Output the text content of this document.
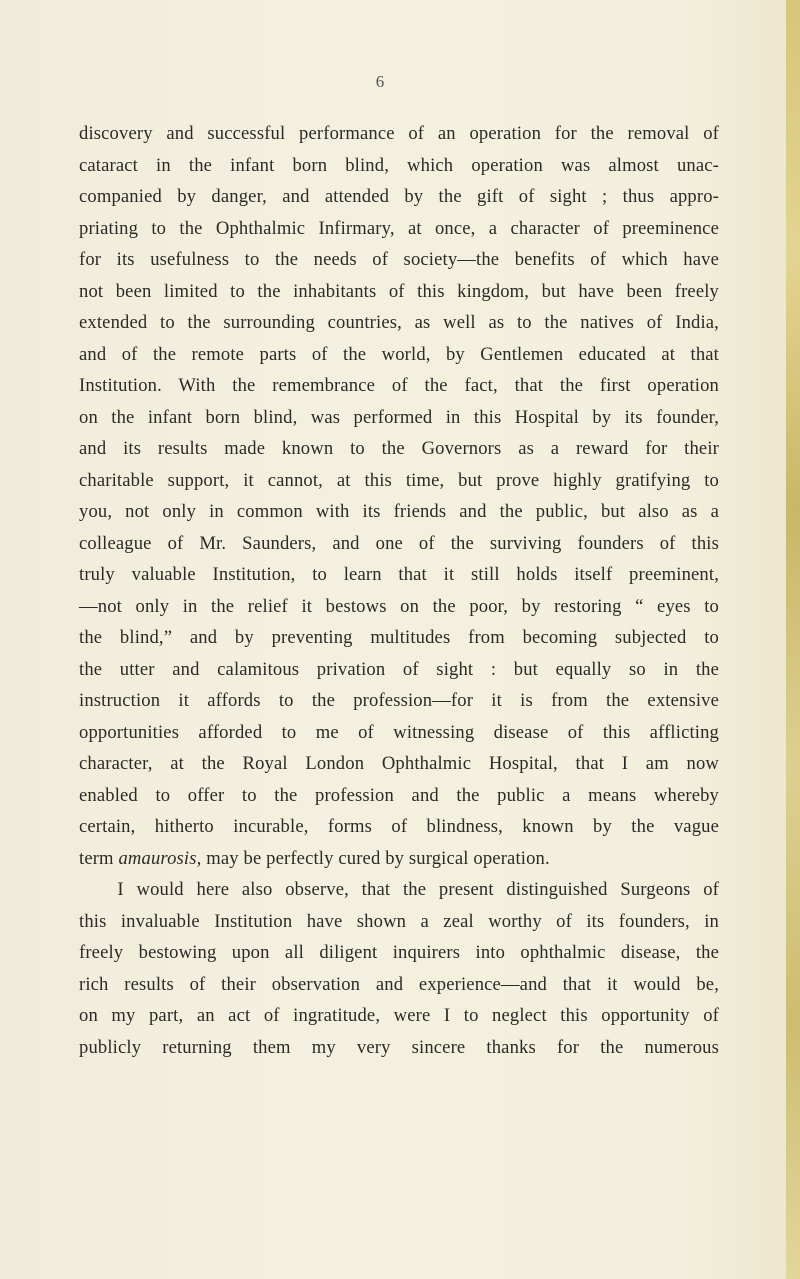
6
discovery and successful performance of an operation for the removal of
cataract in the infant born blind, which operation was almost unac-
companied by danger, and attended by the gift of sight ; thus appro-
priating to the Ophthalmic Infirmary, at once, a character of preeminence
for its usefulness to the needs of society—the benefits of which have
not been limited to the inhabitants of this kingdom, but have been freely
extended to the surrounding countries, as well as to the natives of India,
and of the remote parts of the world, by Gentlemen educated at that
Institution. With the remembrance of the fact, that the first operation
on the infant born blind, was performed in this Hospital by its founder,
and its results made known to the Governors as a reward for their
charitable support, it cannot, at this time, but prove highly gratifying to
you, not only in common with its friends and the public, but also as a
colleague of Mr. Saunders, and one of the surviving founders of this
truly valuable Institution, to learn that it still holds itself preeminent,
—not only in the relief it bestows on the poor, by restoring “ eyes to
the blind,” and by preventing multitudes from becoming subjected to
the utter and calamitous privation of sight : but equally so in the
instruction it affords to the profession—for it is from the extensive
opportunities afforded to me of witnessing disease of this afflicting
character, at the Royal London Ophthalmic Hospital, that I am now
enabled to offer to the profession and the public a means whereby
certain, hitherto incurable, forms of blindness, known by the vague
term amaurosis, may be perfectly cured by surgical operation.
I would here also observe, that the present distinguished Surgeons of
this invaluable Institution have shown a zeal worthy of its founders, in
freely bestowing upon all diligent inquirers into ophthalmic disease, the
rich results of their observation and experience—and that it would be,
on my part, an act of ingratitude, were I to neglect this opportunity of
publicly returning them my very sincere thanks for the numerous
